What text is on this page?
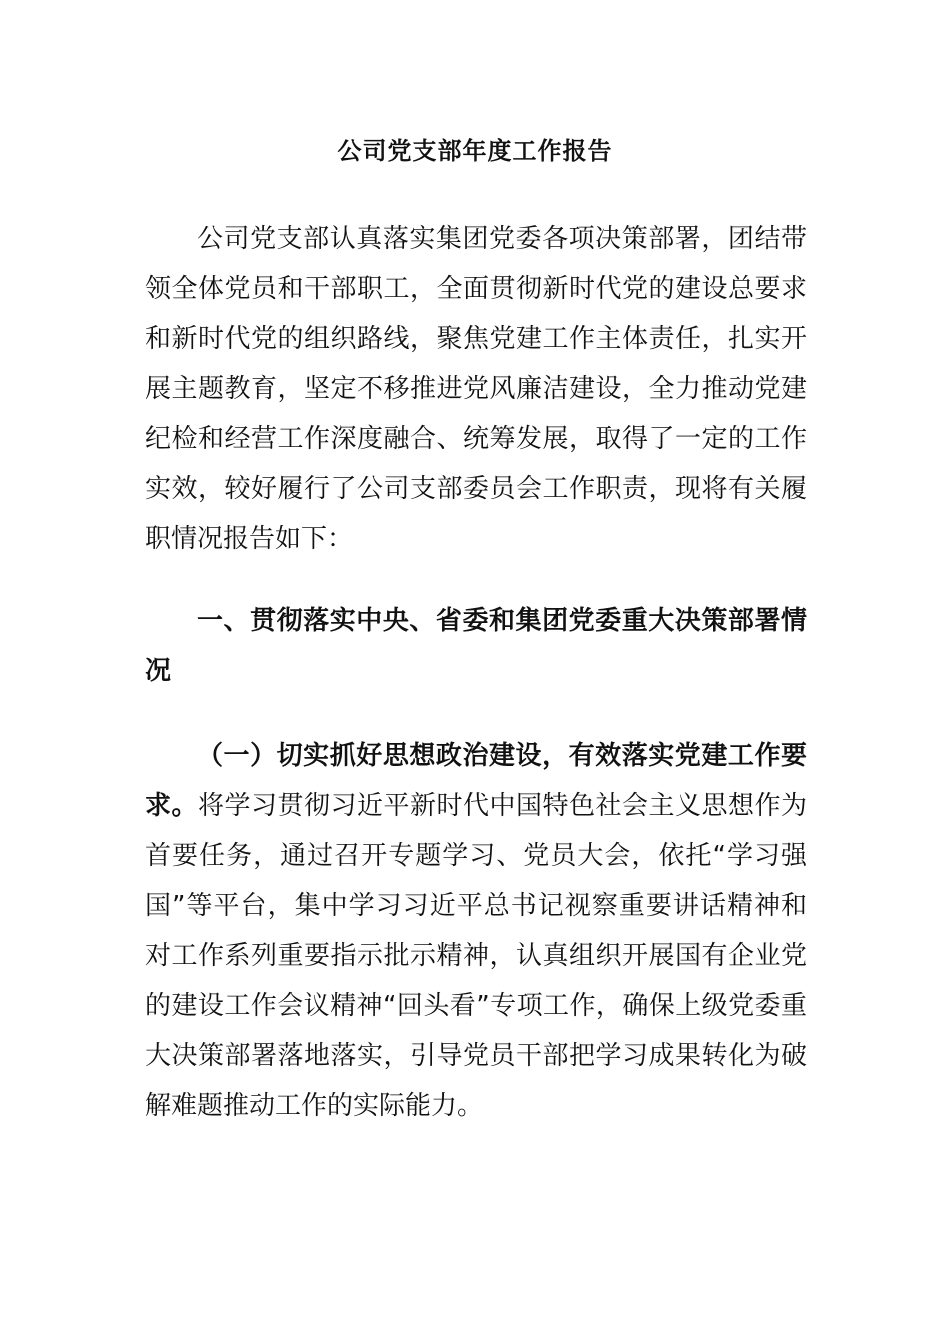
公司党支部年度工作报告
公司党支部认真落实集团党委各项决策部署，团结带领全体党员和干部职工，全面贯彻新时代党的建设总要求和新时代党的组织路线，聚焦党建工作主体责任，扎实开展主题教育，坚定不移推进党风廉洁建设，全力推动党建纪检和经营工作深度融合、统筹发展，取得了一定的工作实效，较好履行了公司支部委员会工作职责，现将有关履职情况报告如下：
一、贯彻落实中央、省委和集团党委重大决策部署情况
（一）切实抓好思想政治建设，有效落实党建工作要求。将学习贯彻习近平新时代中国特色社会主义思想作为首要任务，通过召开专题学习、党员大会，依托“学习强国”等平台，集中学习习近平总书记视察重要讲话精神和对工作系列重要指示批示精神，认真组织开展国有企业党的建设工作会议精神“回头看”专项工作，确保上级党委重大决策部署落地落实，引导党员干部把学习成果转化为破解难题推动工作的实际能力。
